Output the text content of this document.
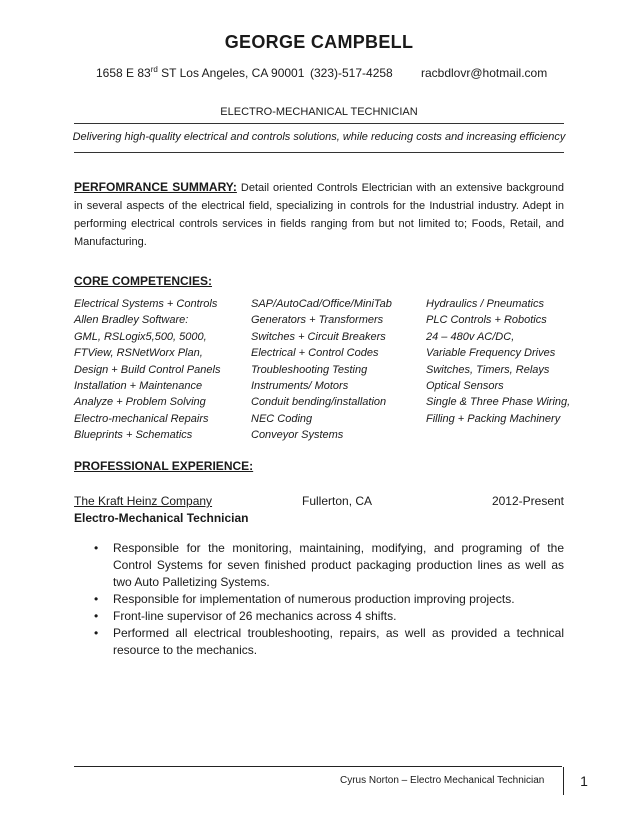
GEORGE CAMPBELL
1658 E 83rd ST Los Angeles, CA 90001 (323)-517-4258 racbdlovr@hotmail.com
ELECTRO-MECHANICAL TECHNICIAN
Delivering high-quality electrical and controls solutions, while reducing costs and increasing efficiency
PERFOMRANCE SUMMARY: Detail oriented Controls Electrician with an extensive background in several aspects of the electrical field, specializing in controls for the Industrial industry. Adept in performing electrical controls services in fields ranging from but not limited to; Foods, Retail, and Manufacturing.
CORE COMPETENCIES:
Electrical Systems + Controls
Allen Bradley Software:
GML, RSLogix5,500, 5000,
FTView, RSNetWorx Plan,
Design + Build Control Panels
Installation + Maintenance
Analyze + Problem Solving
Electro-mechanical Repairs
Blueprints + Schematics
SAP/AutoCad/Office/MiniTab
Generators + Transformers
Switches + Circuit Breakers
Electrical + Control Codes
Troubleshooting Testing
Instruments/ Motors
Conduit bending/installation
NEC Coding
Conveyor Systems
Hydraulics / Pneumatics
PLC Controls + Robotics
24 – 480v AC/DC,
Variable Frequency Drives
Switches, Timers, Relays
Optical Sensors
Single & Three Phase Wiring,
Filling + Packing Machinery
PROFESSIONAL EXPERIENCE:
The Kraft Heinz Company	Fullerton, CA	2012-Present
Electro-Mechanical Technician
• Responsible for the monitoring, maintaining, modifying, and programing of the Control Systems for seven finished product packaging production lines as well as two Auto Palletizing Systems.
• Responsible for implementation of numerous production improving projects.
• Front-line supervisor of 26 mechanics across 4 shifts.
• Performed all electrical troubleshooting, repairs, as well as provided a technical resource to the mechanics.
Cyrus Norton – Electro Mechanical Technician	1
